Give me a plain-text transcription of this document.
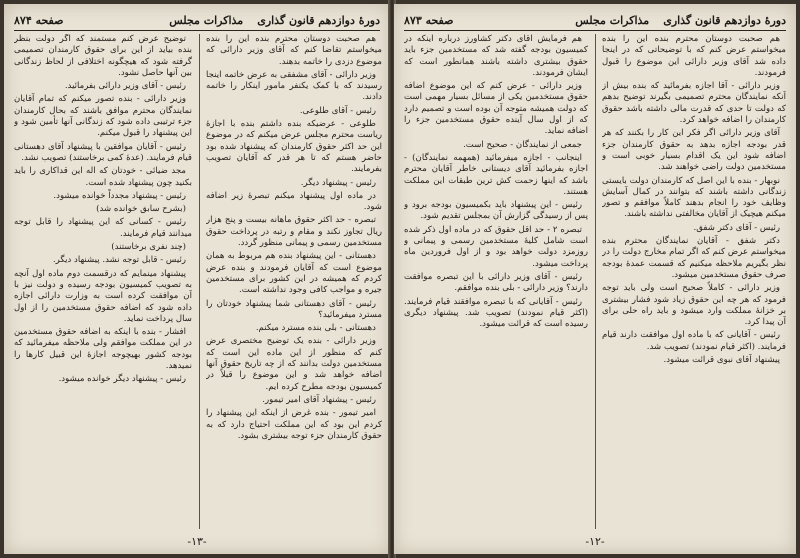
دورهٔ دوازدهم قانون گذاری
مذاکرات مجلس
صفحه ۸۷۴

هم صحبت دوستان محترم بنده این را بنده میخواستم تقاضا کنم که آقای وزیر دارائی که موضوع دزدی را خاتمه بدهند.

وزیر دارائی - آقای مشفقی به عرض خاتمه اینجا رسیدند که با کمک یکنفر مامور اینکار را خاتمه دادند.

رئیس - آقای طلوعی.

طلوعی - عرضیکه بنده داشتم بنده با اجازهٔ ریاست محترم مجلس عرض میکنم که در موضوع این حد اکثر حقوق کارمندان که پیشنهاد شده بود حاضر هستم که تا هر قدر که آقایان تصویب بفرمایند.

رئیس - پیشنهاد دیگر.

در ماده اول پیشنهاد میکنم تبصرهٔ زیر اضافه شود.

تبصره - حد اکثر حقوق ماهانه بیست و پنج هزار ریال تجاوز نکند و مقام و رتبه در پرداخت حقوق مستخدمین رسمی و پیمانی منظور گردد.

دهستانی - این پیشنهاد بنده هم مربوط به همان موضوع است که آقایان فرمودند و بنده عرض کردم که همیشه در این کشور برای مستخدمین جیره و مواجب کافی وجود نداشته است.

رئیس - آقای دهستانی شما پیشنهاد خودتان را مسترد میفرمائید؟

دهستانی - بلی بنده مسترد میکنم.

وزیر دارائی - بنده یک توضیح مختصری عرض کنم که منظور از این ماده این است که مستخدمین دولت بدانند که از چه تاریخ حقوق آنها اضافه خواهد شد و این موضوع را قبلاً در کمیسیون بودجه مطرح کرده ایم.

رئیس - پیشنهاد آقای امیر تیمور.

امیر تیمور - بنده غرض از اینکه این پیشنهاد را کردم این بود که این مملکت احتیاج دارد که به حقوق کارمندان جزء توجه بیشتری بشود.

توضیح عرض کنم مستمند که اگر دولت بنظر بنده بیاید از این برای حقوق کارمندان تصمیمی گرفته شود که هیچگونه اختلافی از لحاظ زندگانی بین آنها حاصل نشود.

رئیس - آقای وزیر دارائی بفرمائید.

وزیر دارائی - بنده تصور میکنم که تمام آقایان نمایندگان محترم موافق باشند که بحال کارمندان جزء ترتیبی داده شود که زندگانی آنها تأمین شود و این پیشنهاد را قبول میکنم.

رئیس - آقایان موافقین با پیشنهاد آقای دهستانی قیام فرمایند. (عدهٔ کمی برخاستند) تصویب نشد.

مجد ضیائی - خودتان که اله این قداکاری را باید بکنید چون پیشنهاد شده است.

رئیس - پیشنهاد مجدداً خوانده میشود.

(بشرح سابق خوانده شد)

رئیس - کسانی که این پیشنهاد را قابل توجه میدانند قیام فرمایند.

(چند نفری برخاستند)

رئیس - قابل توجه نشد. پیشنهاد دیگر.

پیشنهاد مینمایم که درقسمت دوم ماده اول آنچه به تصویب کمیسیون بودجه رسیده و دولت نیز با آن موافقت کرده است به وزارت دارائی اجازه داده شود که اضافه حقوق مستخدمین را از اول سال پرداخت نماید.

افشار - بنده با اینکه به اضافه حقوق مستخدمین در این مملکت موافقم ولی ملاحظه میفرمائید که بودجه کشور بهیچوجه اجازهٔ این قبیل کارها را نمیدهد.

رئیس - پیشنهاد دیگر خوانده میشود.

-۱۳-
دورهٔ دوازدهم قانون گذاری
مذاکرات مجلس
صفحه ۸۷۳

هم صحبت دوستان محترم بنده این را بنده میخواستم عرض کنم که با توضیحاتی که در اینجا داده شد آقای وزیر دارائی این موضوع را قبول فرمودند.

وزیر دارائی - آقا اجازه بفرمائید که بنده بیش از آنکه نمایندگان محترم تصمیمی بگیرند توضیح بدهم که دولت تا حدی که قدرت مالی داشته باشد حقوق کارمندان را اضافه خواهد کرد.

آقای وزیر دارائی اگر فکر این کار را بکنند که هر قدر بودجه اجازه بدهد به حقوق کارمندان جزء اضافه شود این یک اقدام بسیار خوبی است و مستخدمین دولت راضی خواهند شد.

نوبهار - بنده با این اصل که کارمندان دولت بایستی زندگانی داشته باشند که بتوانند در کمال آسایش وظایف خود را انجام بدهند کاملاً موافقم و تصور میکنم هیچیک از آقایان مخالفتی نداشته باشند.

رئیس - آقای دکتر شفق.

دکتر شفق - آقایان نمایندگان محترم بنده میخواستم عرض کنم که اگر تمام مخارج دولت را در نظر بگیریم ملاحظه میکنیم که قسمت عمدهٔ بودجه صرف حقوق مستخدمین میشود.

وزیر دارائی - کاملاً صحیح است ولی باید توجه فرمود که هر چه این حقوق زیاد شود فشار بیشتری بر خزانهٔ مملکت وارد میشود و باید راه حلی برای آن پیدا کرد.

رئیس - آقایانی که با ماده اول موافقت دارند قیام فرمایند. (اکثر قیام نمودند) تصویب شد.

پیشنهاد آقای نبوی قرائت میشود.

هم فرمایش آقای دکتر کشاورز درباره اینکه در کمیسیون بودجه گفته شد که مستخدمین جزء باید حقوق بیشتری داشته باشند همانطور است که ایشان فرمودند.

وزیر دارائی - عرض کنم که این موضوع اضافه حقوق مستخدمین یکی از مسائل بسیار مهمی است که دولت همیشه متوجه آن بوده است و تصمیم دارد که از اول سال آینده حقوق مستخدمین جزء را اضافه نماید.

جمعی از نمایندگان - صحیح است.

اینجانب - اجازه میفرمائید (همهمه نمایندگان) - اجازه بفرمائید آقای دیستانی خاطر آقایان محترم باشد که اینها زحمت کش ترین طبقات این مملکت هستند.

رئیس - این پیشنهاد باید بکمیسیون بودجه برود و پس از رسیدگی گزارش آن بمجلس تقدیم شود.

تبصره ۲ - حد اقل حقوق که در ماده اول ذکر شده است شامل کلیهٔ مستخدمین رسمی و پیمانی و روزمزد دولت خواهد بود و از اول فروردین ماه پرداخت میشود.

رئیس - آقای وزیر دارائی با این تبصره موافقت دارند؟ وزیر دارائی - بلی بنده موافقم.

رئیس - آقایانی که با تبصره موافقند قیام فرمایند. (اکثر قیام نمودند) تصویب شد. پیشنهاد دیگری رسیده است که قرائت میشود.

-۱۲-
